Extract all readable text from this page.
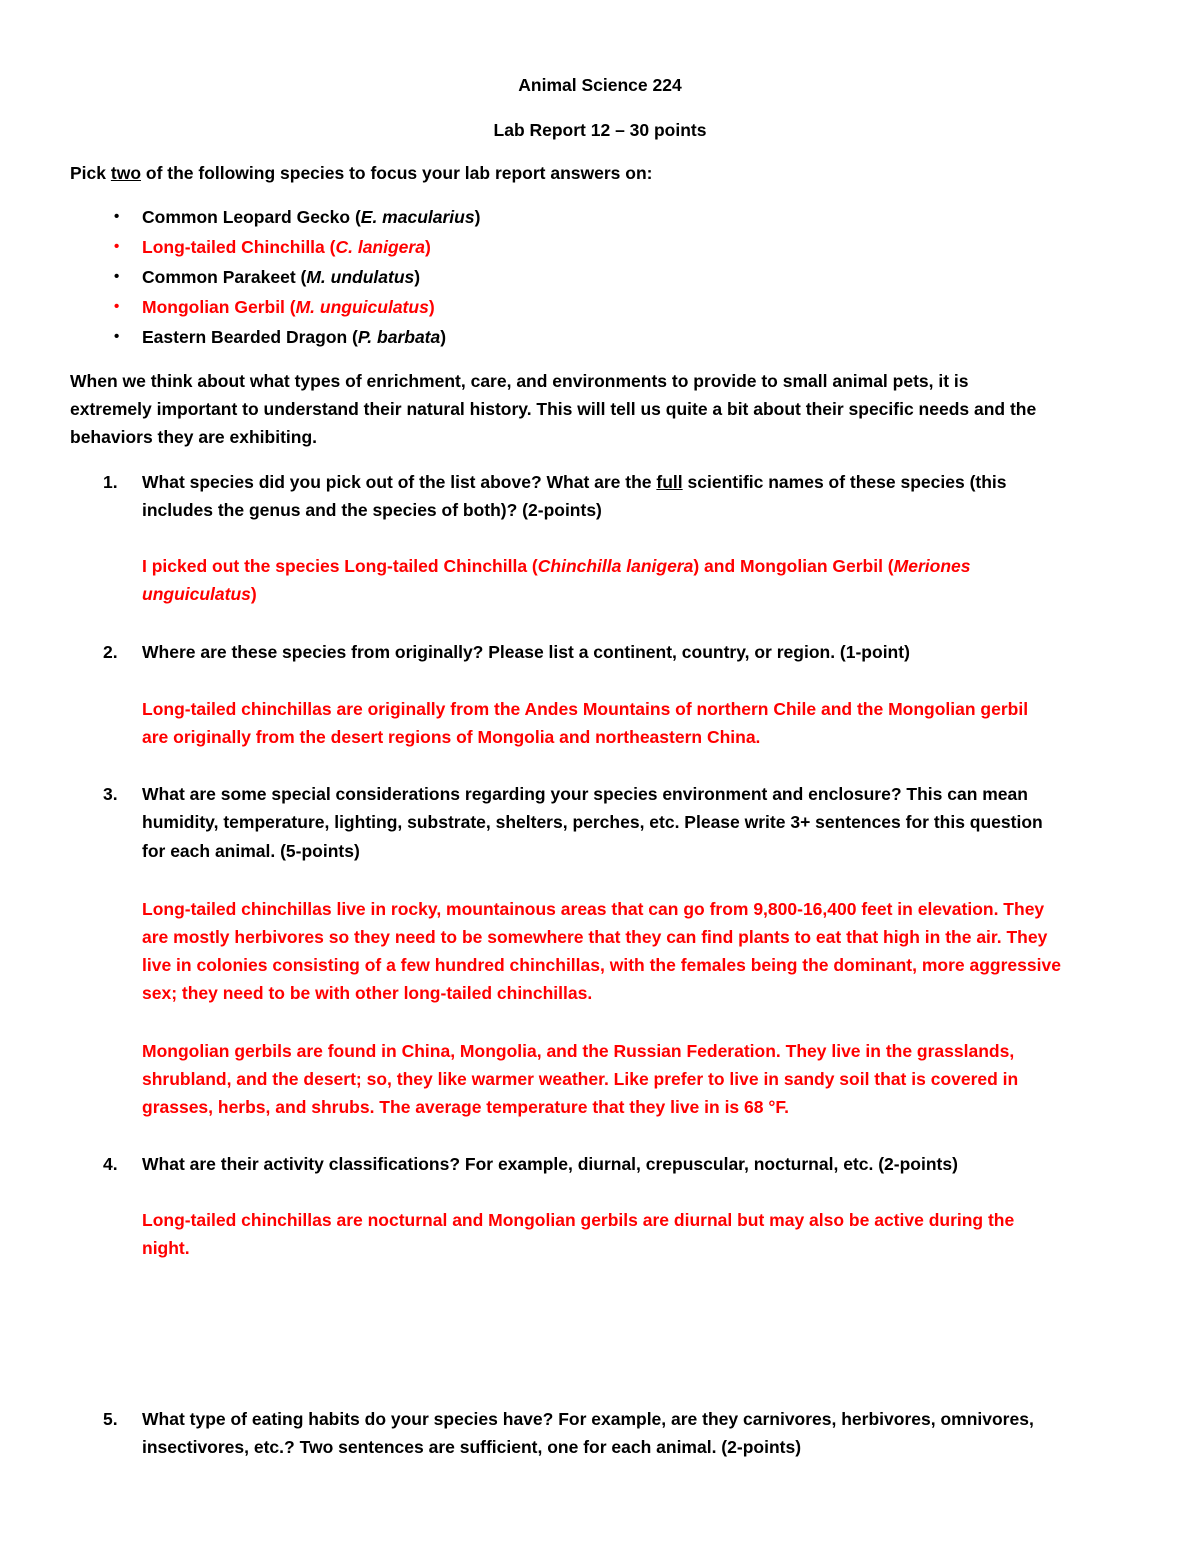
Animal Science 224
Lab Report 12 – 30 points
Pick two of the following species to focus your lab report answers on:
• Common Leopard Gecko (E. macularius)
• Long-tailed Chinchilla (C. lanigera)
• Common Parakeet (M. undulatus)
• Mongolian Gerbil (M. unguiculatus)
• Eastern Bearded Dragon (P. barbata)
When we think about what types of enrichment, care, and environments to provide to small animal pets, it is
extremely important to understand their natural history. This will tell us quite a bit about their specific needs and the
behaviors they are exhibiting.
1. What species did you pick out of the list above? What are the full scientific names of these species (this
includes the genus and the species of both)? (2-points)
I picked out the species Long-tailed Chinchilla (Chinchilla lanigera) and Mongolian Gerbil (Meriones
unguiculatus)
2. Where are these species from originally? Please list a continent, country, or region. (1-point)
Long-tailed chinchillas are originally from the Andes Mountains of northern Chile and the Mongolian gerbil
are originally from the desert regions of Mongolia and northeastern China.
3. What are some special considerations regarding your species environment and enclosure? This can mean
humidity, temperature, lighting, substrate, shelters, perches, etc. Please write 3+ sentences for this question
for each animal. (5-points)
Long-tailed chinchillas live in rocky, mountainous areas that can go from 9,800-16,400 feet in elevation. They
are mostly herbivores so they need to be somewhere that they can find plants to eat that high in the air. They
live in colonies consisting of a few hundred chinchillas, with the females being the dominant, more aggressive
sex; they need to be with other long-tailed chinchillas.
Mongolian gerbils are found in China, Mongolia, and the Russian Federation. They live in the grasslands,
shrubland, and the desert; so, they like warmer weather. Like prefer to live in sandy soil that is covered in
grasses, herbs, and shrubs. The average temperature that they live in is 68 °F.
4. What are their activity classifications? For example, diurnal, crepuscular, nocturnal, etc. (2-points)
Long-tailed chinchillas are nocturnal and Mongolian gerbils are diurnal but may also be active during the
night.
5. What type of eating habits do your species have? For example, are they carnivores, herbivores, omnivores,
insectivores, etc.? Two sentences are sufficient, one for each animal. (2-points)
